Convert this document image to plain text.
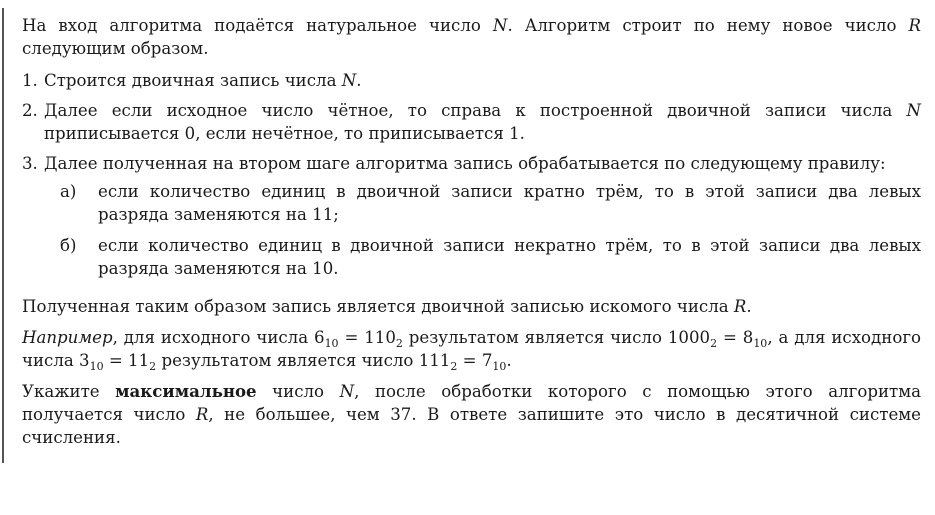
На вход алгоритма подаётся натуральное число N. Алгоритм строит по нему новое число R следующим образом.

1. Строится двоичная запись числа N.
2. Далее если исходное число чётное, то справа к построенной двоичной записи числа N приписывается 0, если нечётное, то приписывается 1.
3. Далее полученная на втором шаге алгоритма запись обрабатывается по следующему правилу:
а)	если количество единиц в двоичной записи кратно трём, то в этой записи два левых разряда заменяются на 11;
б)	если количество единиц в двоичной записи некратно трём, то в этой записи два левых разряда заменяются на 10.

Полученная таким образом запись является двоичной записью искомого числа R.

Например, для исходного числа $6_{10} = 110_2$ результатом является число $1000_2 = 8_{10}$, а для исходного числа $3_{10} = 11_2$ результатом является число $111_2 = 7_{10}$.

Укажите максимальное число N, после обработки которого с помощью этого алгоритма получается число R, не большее, чем 37. В ответе запишите это число в десятичной системе счисления.
